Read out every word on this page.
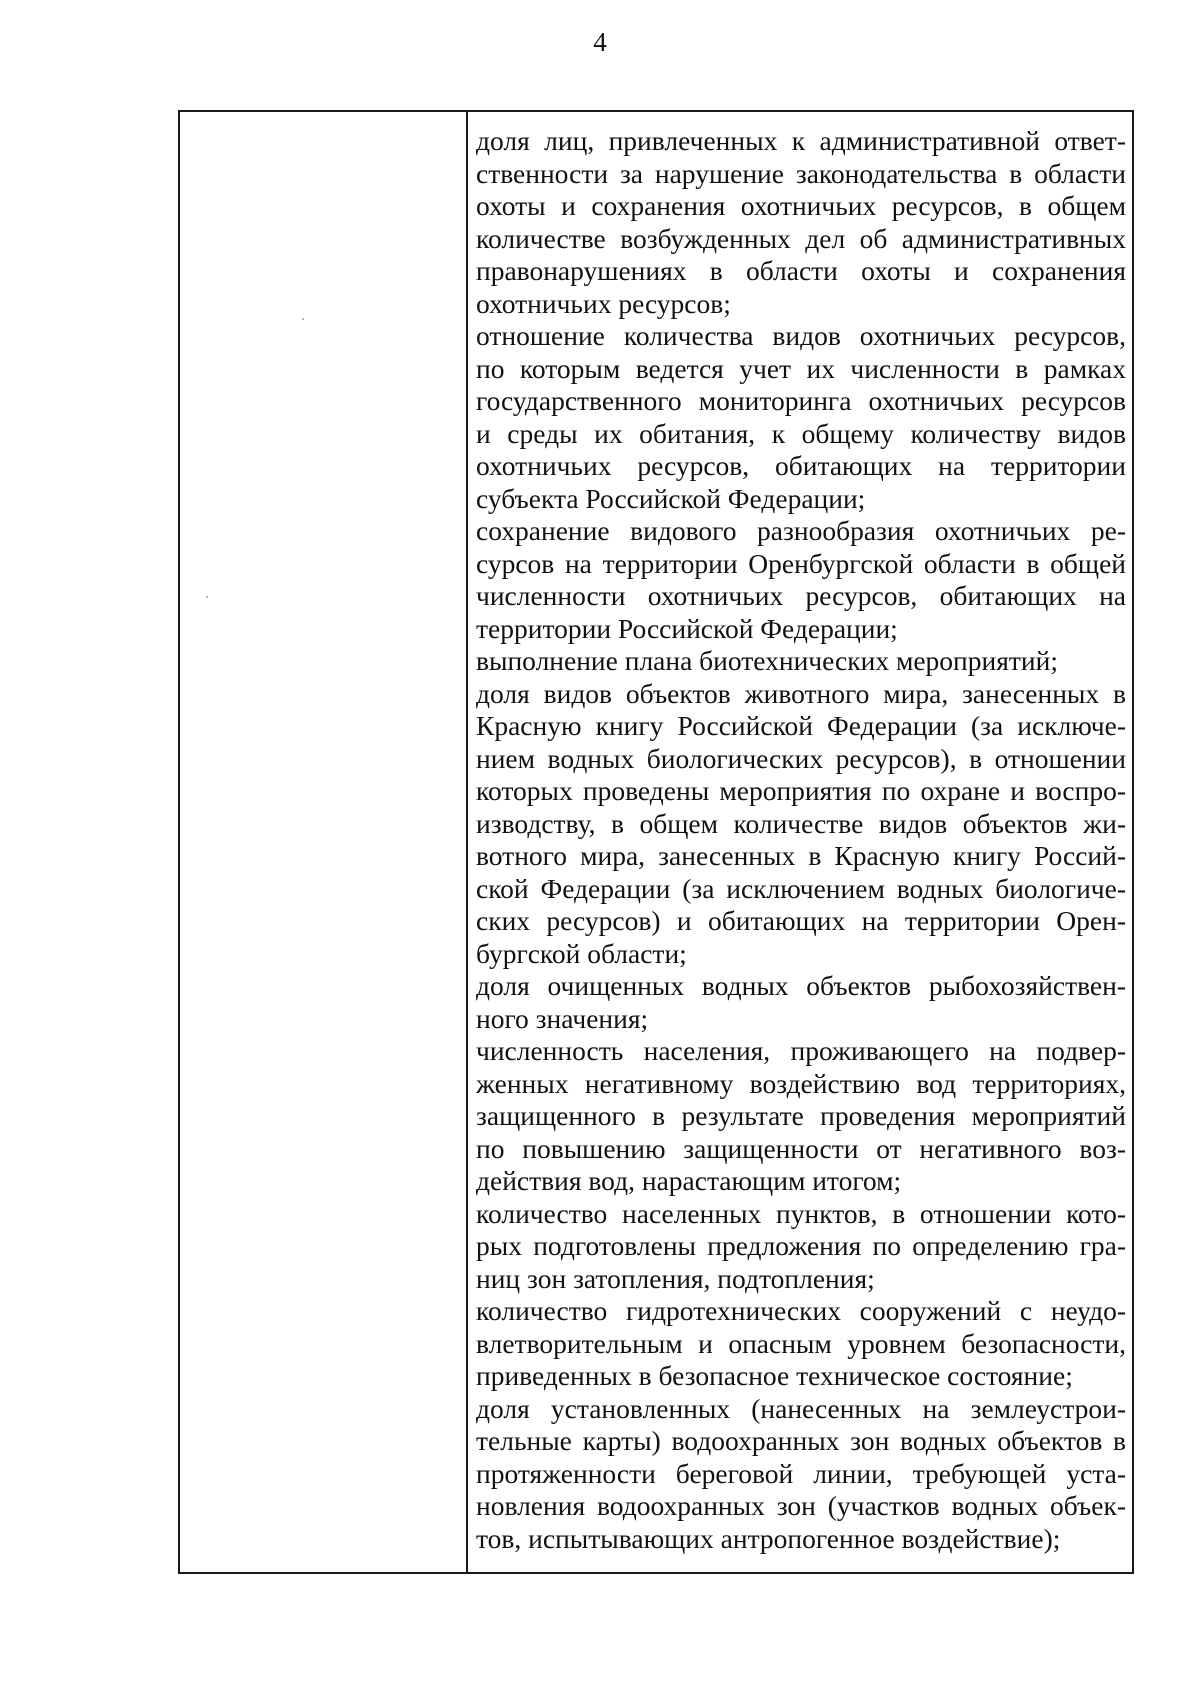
4
доля лиц, привлеченных к административной ответ-
ственности за нарушение законодательства в области
охоты и сохранения охотничьих ресурсов, в общем
количестве возбужденных дел об административных
правонарушениях в области охоты и сохранения
охотничьих ресурсов;
отношение количества видов охотничьих ресурсов,
по которым ведется учет их численности в рамках
государственного мониторинга охотничьих ресурсов
и среды их обитания, к общему количеству видов
охотничьих ресурсов, обитающих на территории
субъекта Российской Федерации;
сохранение видового разнообразия охотничьих ре-
сурсов на территории Оренбургской области в общей
численности охотничьих ресурсов, обитающих на
территории Российской Федерации;
выполнение плана биотехнических мероприятий;
доля видов объектов животного мира, занесенных в
Красную книгу Российской Федерации (за исключе-
нием водных биологических ресурсов), в отношении
которых проведены мероприятия по охране и воспро-
изводству, в общем количестве видов объектов жи-
вотного мира, занесенных в Красную книгу Россий-
ской Федерации (за исключением водных биологиче-
ских ресурсов) и обитающих на территории Орен-
бургской области;
доля очищенных водных объектов рыбохозяйствен-
ного значения;
численность населения, проживающего на подвер-
женных негативному воздействию вод территориях,
защищенного в результате проведения мероприятий
по повышению защищенности от негативного воз-
действия вод, нарастающим итогом;
количество населенных пунктов, в отношении кото-
рых подготовлены предложения по определению гра-
ниц зон затопления, подтопления;
количество гидротехнических сооружений с неудо-
влетворительным и опасным уровнем безопасности,
приведенных в безопасное техническое состояние;
доля установленных (нанесенных на землеустрои-
тельные карты) водоохранных зон водных объектов в
протяженности береговой линии, требующей уста-
новления водоохранных зон (участков водных объек-
тов, испытывающих антропогенное воздействие);
